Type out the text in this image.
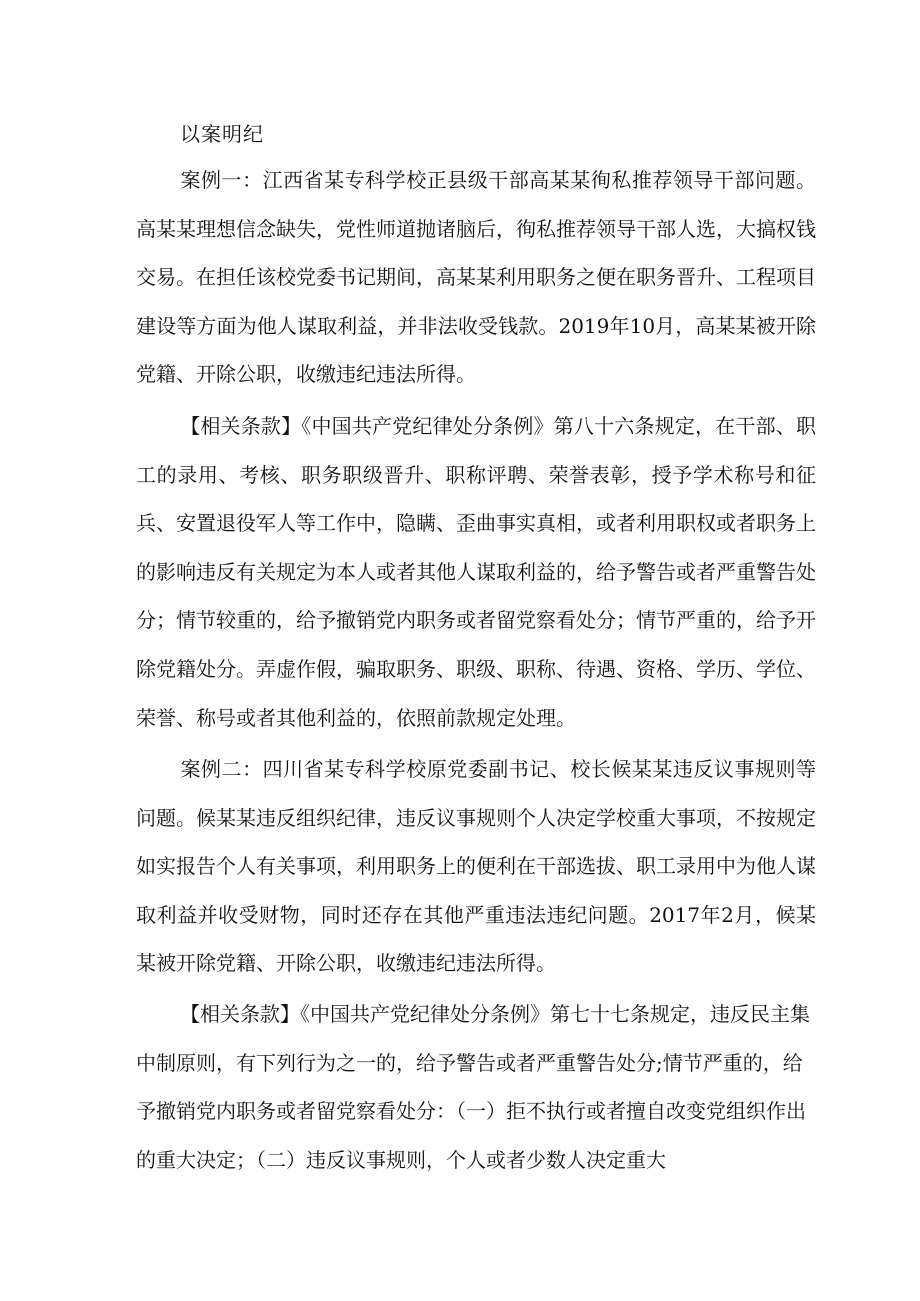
以案明纪

案例一：江西省某专科学校正县级干部高某某徇私推荐领导干部问题。高某某理想信念缺失，党性师道抛诸脑后，徇私推荐领导干部人选，大搞权钱交易。在担任该校党委书记期间，高某某利用职务之便在职务晋升、工程项目建设等方面为他人谋取利益，并非法收受钱款。2019年10月，高某某被开除党籍、开除公职，收缴违纪违法所得。

【相关条款】《中国共产党纪律处分条例》第八十六条规定，在干部、职工的录用、考核、职务职级晋升、职称评聘、荣誉表彰，授予学术称号和征兵、安置退役军人等工作中，隐瞒、歪曲事实真相，或者利用职权或者职务上的影响违反有关规定为本人或者其他人谋取利益的，给予警告或者严重警告处分；情节较重的，给予撤销党内职务或者留党察看处分；情节严重的，给予开除党籍处分。弄虚作假，骗取职务、职级、职称、待遇、资格、学历、学位、荣誉、称号或者其他利益的，依照前款规定处理。

案例二：四川省某专科学校原党委副书记、校长候某某违反议事规则等问题。候某某违反组织纪律，违反议事规则个人决定学校重大事项，不按规定如实报告个人有关事项，利用职务上的便利在干部选拔、职工录用中为他人谋取利益并收受财物，同时还存在其他严重违法违纪问题。2017年2月，候某某被开除党籍、开除公职，收缴违纪违法所得。

【相关条款】《中国共产党纪律处分条例》第七十七条规定，违反民主集中制原则，有下列行为之一的，给予警告或者严重警告处分;情节严重的，给予撤销党内职务或者留党察看处分：（一）拒不执行或者擅自改变党组织作出的重大决定；（二）违反议事规则，个人或者少数人决定重大
